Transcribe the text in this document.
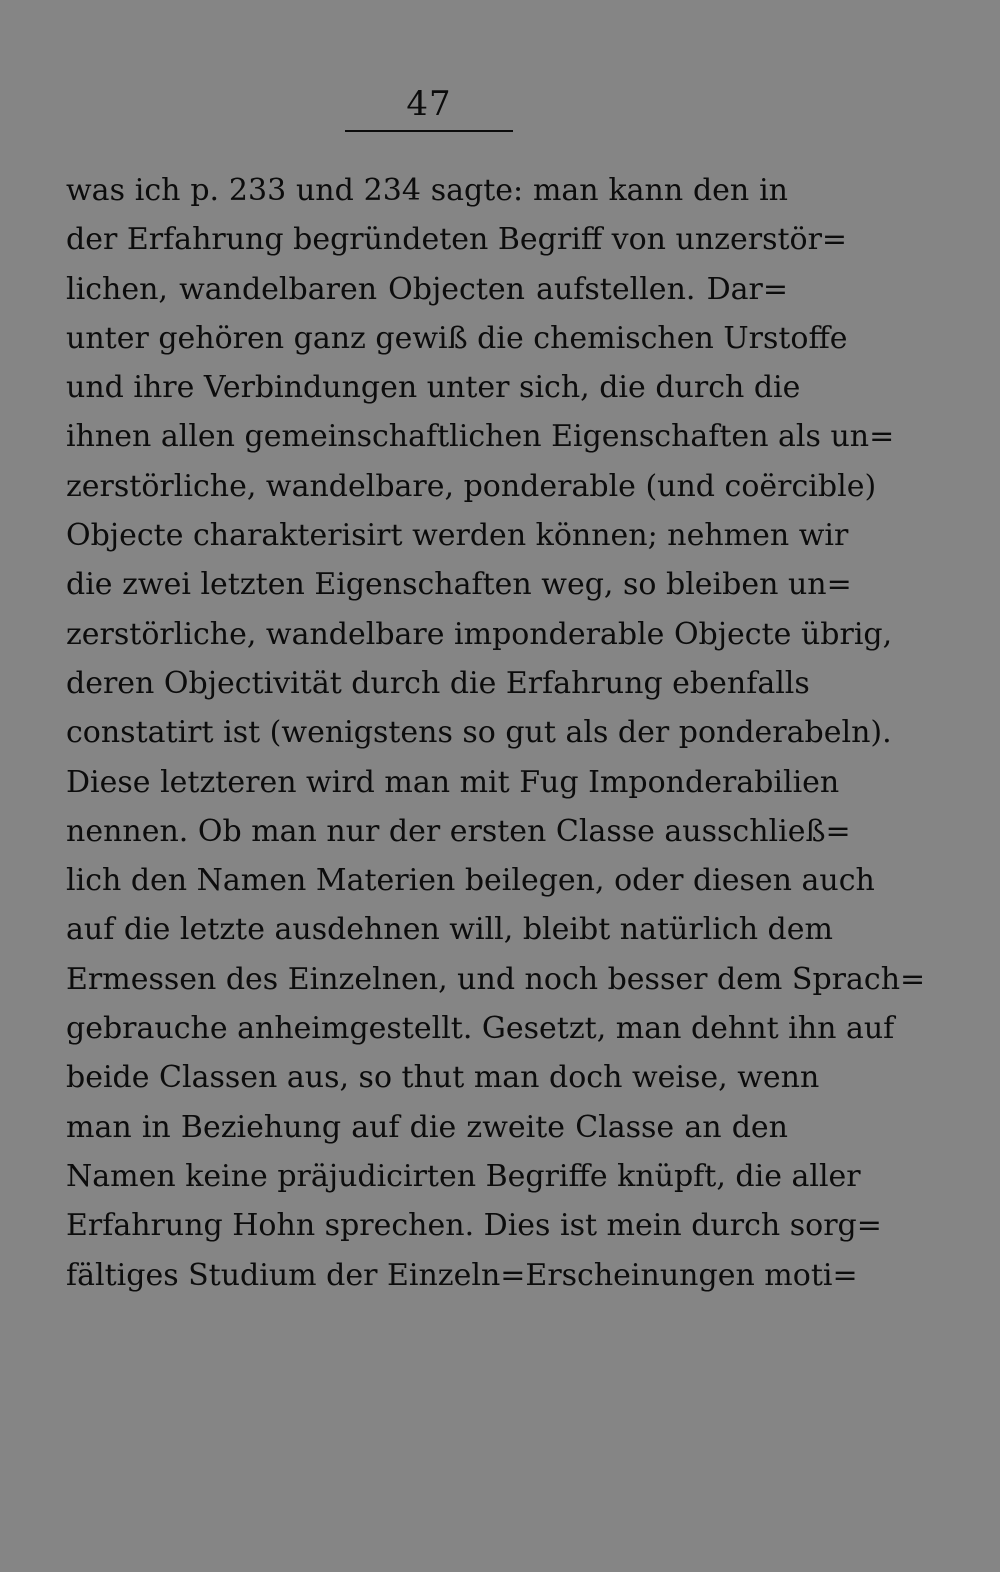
47
was ich p. 233 und 234 sagte: man kann den in
der Erfahrung begründeten Begriff von unzerstör=
lichen, wandelbaren Objecten aufstellen. Dar=
unter gehören ganz gewiß die chemischen Urstoffe
und ihre Verbindungen unter sich, die durch die
ihnen allen gemeinschaftlichen Eigenschaften als un=
zerstörliche, wandelbare, ponderable (und coërcible)
Objecte charakterisirt werden können; nehmen wir
die zwei letzten Eigenschaften weg, so bleiben un=
zerstörliche, wandelbare imponderable Objecte übrig,
deren Objectivität durch die Erfahrung ebenfalls
constatirt ist (wenigstens so gut als der ponderabeln).
Diese letzteren wird man mit Fug Imponderabilien
nennen. Ob man nur der ersten Classe ausschließ=
lich den Namen Materien beilegen, oder diesen auch
auf die letzte ausdehnen will, bleibt natürlich dem
Ermessen des Einzelnen, und noch besser dem Sprach=
gebrauche anheimgestellt. Gesetzt, man dehnt ihn auf
beide Classen aus, so thut man doch weise, wenn
man in Beziehung auf die zweite Classe an den
Namen keine präjudicirten Begriffe knüpft, die aller
Erfahrung Hohn sprechen. Dies ist mein durch sorg=
fältiges Studium der Einzeln=Erscheinungen moti=
